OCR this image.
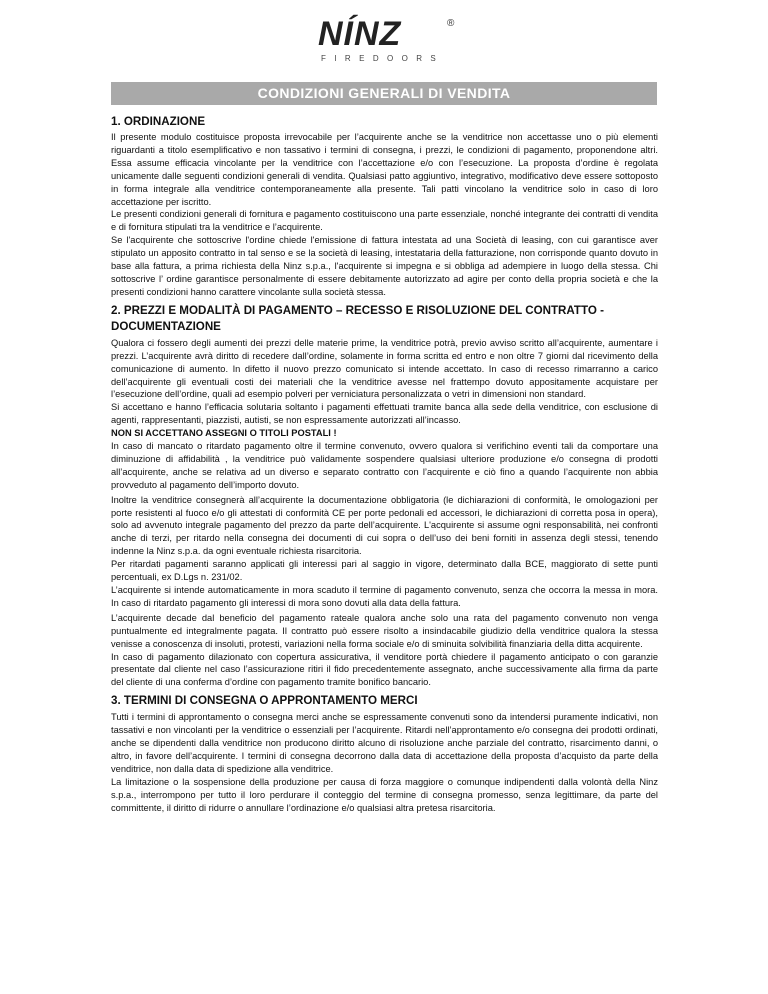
NÍNZ	®
FIREDOORS
CONDIZIONI GENERALI DI VENDITA
1. ORDINAZIONE

Il presente modulo costituisce proposta irrevocabile per l’acquirente anche se la venditrice non accettasse uno o più elementi riguardanti a titolo esemplificativo e non tassativo i termini di consegna, i prezzi, le condizioni di pagamento, proponendone altri. Essa assume efficacia vincolante per la venditrice con l’accettazione e/o con l’esecuzione. La proposta d’ordine è regolata unicamente dalle seguenti condizioni generali di vendita. Qualsiasi patto aggiuntivo, integrativo, modificativo deve essere sottoposto in forma integrale alla venditrice contemporaneamente alla presente. Tali patti vincolano la venditrice solo in caso di loro accettazione per iscritto.

Le presenti condizioni generali di fornitura e pagamento costituiscono una parte essenziale, nonché integrante dei contratti di vendita e di fornitura stipulati tra la venditrice e l’acquirente.

Se l'acquirente che sottoscrive l'ordine chiede l'emissione di fattura intestata ad una Società di leasing, con cui garantisce aver stipulato un apposito contratto in tal senso e se la società di leasing, intestataria della fatturazione, non corrisponde quanto dovuto in base alla fattura, a prima richiesta della Ninz s.p.a., l'acquirente si impegna e si obbliga ad adempiere in luogo della stessa. Chi sottoscrive l’ ordine garantisce personalmente di essere debitamente autorizzato ad agire per conto della propria società e che la presenti condizioni hanno carattere vincolante sulla società stessa.

2. PREZZI E MODALITÀ DI PAGAMENTO – RECESSO E RISOLUZIONE DEL CONTRATTO - DOCUMENTAZIONE

Qualora ci fossero degli aumenti dei prezzi delle materie prime, la venditrice potrà, previo avviso scritto all’acquirente, aumentare i prezzi. L’acquirente avrà diritto di recedere dall’ordine, solamente in forma scritta ed entro e non oltre 7 giorni dal ricevimento della comunicazione di aumento. In difetto il nuovo prezzo comunicato si intende accettato. In caso di recesso rimarranno a carico dell’acquirente gli eventuali costi dei materiali che la venditrice avesse nel frattempo dovuto appositamente acquistare per l’esecuzione dell’ordine, quali ad esempio polveri per verniciatura personalizzata o vetri in dimensioni non standard.

Si accettano e hanno l’efficacia solutaria soltanto i pagamenti effettuati tramite banca alla sede della venditrice, con esclusione di agenti, rappresentanti, piazzisti, autisti, se non espressamente autorizzati all’incasso.

NON SI ACCETTANO ASSEGNI O TITOLI POSTALI !

In caso di mancato o ritardato pagamento oltre il termine convenuto, ovvero qualora si verifichino eventi tali da comportare una diminuzione di affidabilità , la venditrice può validamente sospendere qualsiasi ulteriore produzione e/o consegna di prodotti all’acquirente, anche se relativa ad un diverso e separato contratto con l’acquirente e ciò fino a quando l’acquirente non abbia provveduto al pagamento dell’importo dovuto.

Inoltre la venditrice consegnerà all’acquirente la documentazione obbligatoria (le dichiarazioni di conformità, le omologazioni per porte resistenti al fuoco e/o gli attestati di conformità CE per porte pedonali ed accessori, le dichiarazioni di corretta posa in opera), solo ad avvenuto integrale pagamento del prezzo da parte dell’acquirente. L'acquirente si assume ogni responsabilità, nei confronti anche di terzi, per ritardo nella consegna dei documenti di cui sopra o dell’uso dei beni forniti in assenza degli stessi, tenendo indenne la Ninz s.p.a. da ogni eventuale richiesta risarcitoria.

Per ritardati pagamenti saranno applicati gli interessi pari al saggio in vigore, determinato dalla BCE, maggiorato di sette punti percentuali, ex D.Lgs n. 231/02.

L’acquirente si intende automaticamente in mora scaduto il termine di pagamento convenuto, senza che occorra la messa in mora. In caso di ritardato pagamento gli interessi di mora sono dovuti alla data della fattura.

L’acquirente decade dal beneficio del pagamento rateale qualora anche solo una rata del pagamento convenuto non venga puntualmente ed integralmente pagata. Il contratto può essere risolto a insindacabile giudizio della venditrice qualora la stessa venisse a conoscenza di insoluti, protesti, variazioni nella forma sociale e/o di sminuita solvibilità finanziaria della ditta acquirente.

In caso di pagamento dilazionato con copertura assicurativa, il venditore portà chiedere il pagamento anticipato o con garanzie presentate dal cliente nel caso l’assicurazione ritiri il fido precedentemente assegnato, anche successivamente alla firma da parte del cliente di una conferma d’ordine con pagamento tramite bonifico bancario.

3. TERMINI DI CONSEGNA O APPRONTAMENTO MERCI

Tutti i termini di approntamento o consegna merci anche se espressamente convenuti sono da intendersi puramente indicativi, non tassativi e non vincolanti per la venditrice o essenziali per l’acquirente. Ritardi nell’approntamento e/o consegna dei prodotti ordinati, anche se dipendenti dalla venditrice non producono diritto alcuno di risoluzione anche parziale del contratto, risarcimento danni, o altro, in favore dell’acquirente. I termini di consegna decorrono dalla data di accettazione della proposta d’acquisto da parte della venditrice, non dalla data di spedizione alla venditrice.

La limitazione o la sospensione della produzione per causa di forza maggiore o comunque indipendenti dalla volontà della Ninz s.p.a., interrompono per tutto il loro perdurare il conteggio del termine di consegna promesso, senza legittimare, da parte del committente, il diritto di ridurre o annullare l’ordinazione e/o qualsiasi altra pretesa risarcitoria.
